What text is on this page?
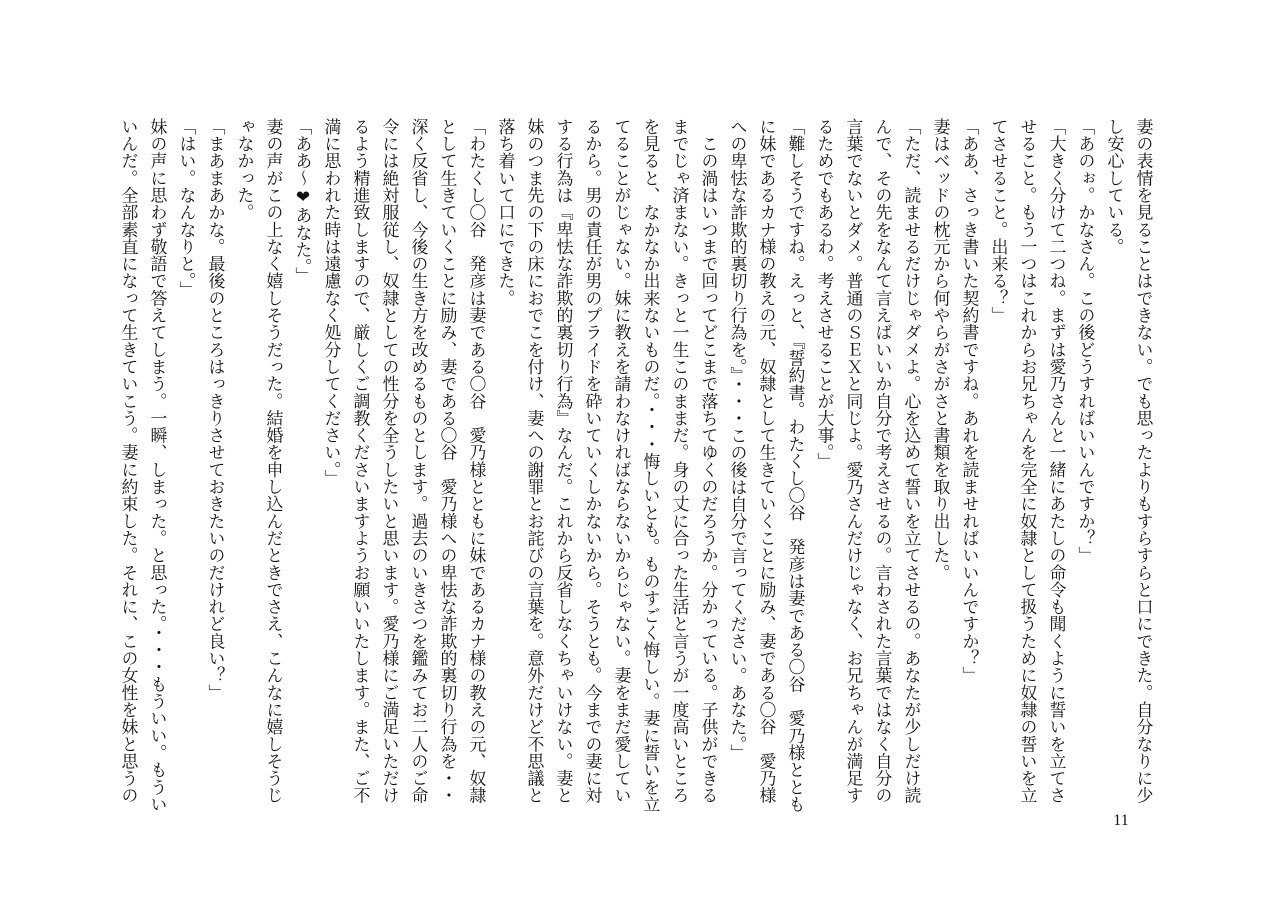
妻の表情を見ることはできない。でも思ったよりもすらすらと口にできた。自分なりに少
し安心している。
「あのぉ。かなさん。この後どうすればいいんですか？」
「大きく分けて二つね。まずは愛乃さんと一緒にあたしの命令も聞くように誓いを立てさ
せること。もう一つはこれからお兄ちゃんを完全に奴隷として扱うために奴隷の誓いを立
てさせること。出来る？」
「ああ、さっき書いた契約書ですね。あれを読ませればいいんですか？」
妻はベッドの枕元から何やらがさがさと書類を取り出した。
「ただ、読ませるだけじゃダメよ。心を込めて誓いを立てさせるの。あなたが少しだけ読
んで、その先をなんて言えばいいか自分で考えさせるの。言わされた言葉ではなく自分の
言葉でないとダメ。普通のＳＥＸと同じよ。愛乃さんだけじゃなく、お兄ちゃんが満足す
るためでもあるわ。考えさせることが大事。」
「難しそうですね。えっと、『誓約書。わたくし〇谷　発彦は妻である〇谷　愛乃様ととも
に妹であるカナ様の教えの元、奴隷として生きていくことに励み、妻である〇谷　愛乃様
への卑怯な詐欺的裏切り行為を。』・・・この後は自分で言ってください。あなた。」
　この渦はいつまで回ってどこまで落ちてゆくのだろうか。分かっている。子供ができる
までじゃ済まない。きっと一生このままだ。身の丈に合った生活と言うが一度高いところ
を見ると、なかなか出来ないものだ。・・・悔しいとも。ものすごく悔しい。妻に誓いを立
てることがじゃない。妹に教えを請わなければならないからじゃない。妻をまだ愛してい
るから。男の責任が男のプライドを砕いていくしかないから。そうとも。今までの妻に対
する行為は『卑怯な詐欺的裏切り行為』なんだ。これから反省しなくちゃいけない。妻と
妹のつま先の下の床におでこを付け、妻への謝罪とお詫びの言葉を。意外だけど不思議と
落ち着いて口にできた。
「わたくし〇谷　発彦は妻である〇谷　愛乃様とともに妹であるカナ様の教えの元、奴隷
として生きていくことに励み、妻である〇谷　愛乃様への卑怯な詐欺的裏切り行為を・・
深く反省し、今後の生き方を改めるものとします。過去のいきさつを鑑みてお二人のご命
令には絶対服従し、奴隷としての性分を全うしたいと思います。愛乃様にご満足いただけ
るよう精進致しますので、厳しくご調教くださいますようお願いいたします。また、ご不
満に思われた時は遠慮なく処分してください。」
「ああ～❤あなた。」
妻の声がこの上なく嬉しそうだった。結婚を申し込んだときでさえ、こんなに嬉しそうじ
ゃなかった。
「まあまあかな。最後のところはっきりさせておきたいのだけれど良い？」
「はい。なんなりと。」
妹の声に思わず敬語で答えてしまう。一瞬、しまった。と思った。・・・もういい。もうい
いんだ。全部素直になって生きていこう。妻に約束した。それに、この女性を妹と思うの
11
